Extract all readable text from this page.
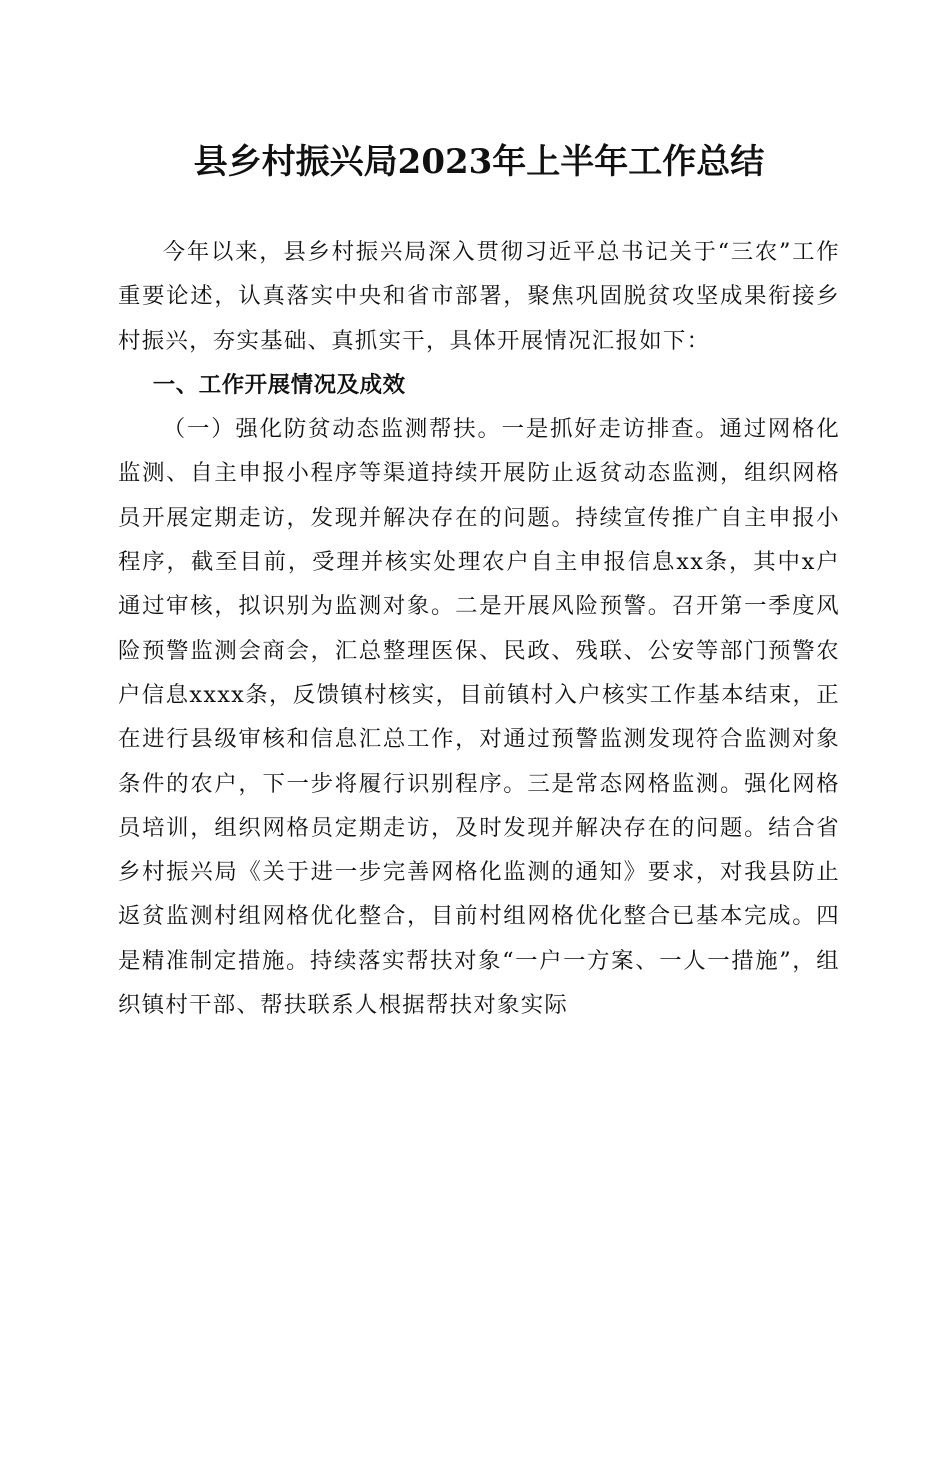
县乡村振兴局2023年上半年工作总结

今年以来，县乡村振兴局深入贯彻习近平总书记关于“三农”工作重要论述，认真落实中央和省市部署，聚焦巩固脱贫攻坚成果衔接乡村振兴，夯实基础、真抓实干，具体开展情况汇报如下：

一、工作开展情况及成效

（一）强化防贫动态监测帮扶。一是抓好走访排查。通过网格化监测、自主申报小程序等渠道持续开展防止返贫动态监测，组织网格员开展定期走访，发现并解决存在的问题。持续宣传推广自主申报小程序，截至目前，受理并核实处理农户自主申报信息xx条，其中x户通过审核，拟识别为监测对象。二是开展风险预警。召开第一季度风险预警监测会商会，汇总整理医保、民政、残联、公安等部门预警农户信息xxxx条，反馈镇村核实，目前镇村入户核实工作基本结束，正在进行县级审核和信息汇总工作，对通过预警监测发现符合监测对象条件的农户，下一步将履行识别程序。三是常态网格监测。强化网格员培训，组织网格员定期走访，及时发现并解决存在的问题。结合省乡村振兴局《关于进一步完善网格化监测的通知》要求，对我县防止返贫监测村组网格优化整合，目前村组网格优化整合已基本完成。四是精准制定措施。持续落实帮扶对象“一户一方案、一人一措施”，组织镇村干部、帮扶联系人根据帮扶对象实际
